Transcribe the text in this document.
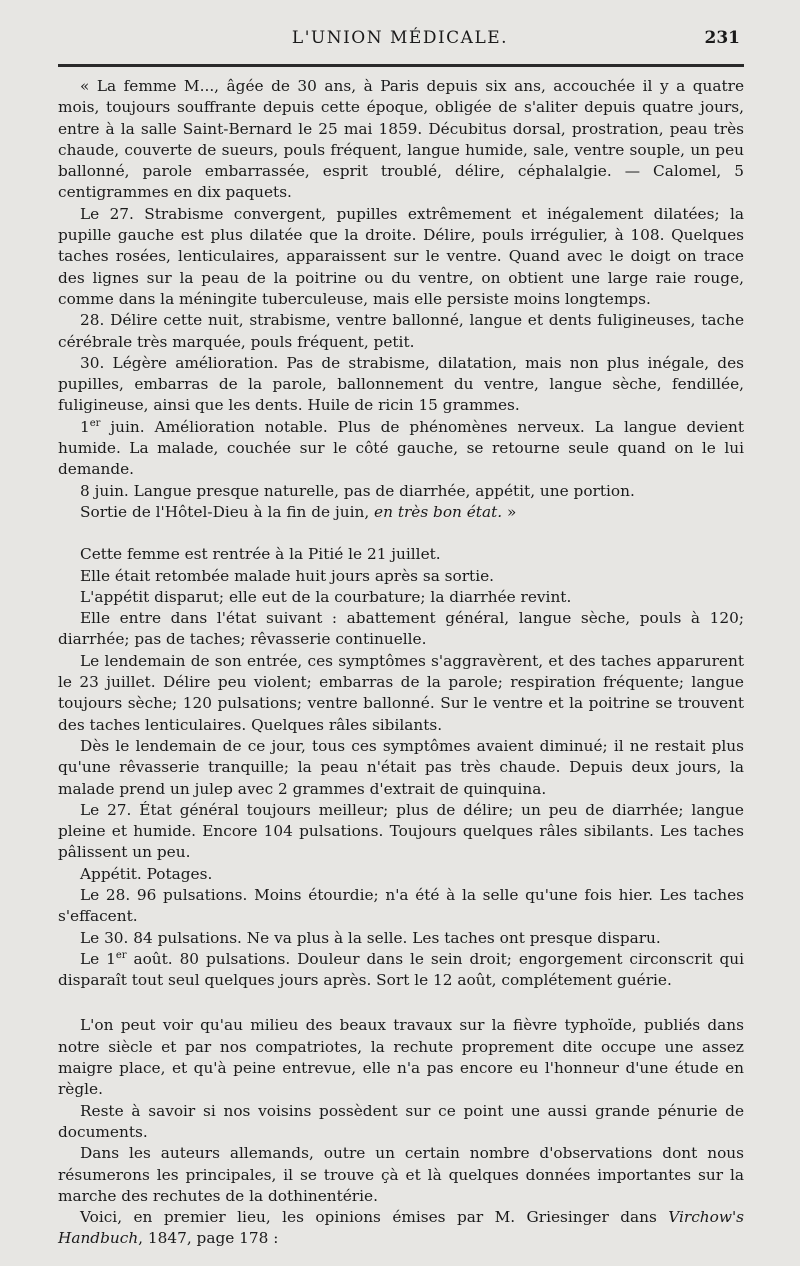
L'UNION MÉDICALE.	231

« La femme M..., âgée de 30 ans, à Paris depuis six ans, accouchée il y a quatre mois, toujours souffrante depuis cette époque, obligée de s'aliter depuis quatre jours, entre à la salle Saint-Bernard le 25 mai 1859. Décubitus dorsal, prostration, peau très chaude, couverte de sueurs, pouls fréquent, langue humide, sale, ventre souple, un peu ballonné, parole embarrassée, esprit troublé, délire, céphalalgie. — Calomel, 5 centigrammes en dix paquets.

Le 27. Strabisme convergent, pupilles extrêmement et inégalement dilatées; la pupille gauche est plus dilatée que la droite. Délire, pouls irrégulier, à 108. Quelques taches rosées, lenticulaires, apparaissent sur le ventre. Quand avec le doigt on trace des lignes sur la peau de la poitrine ou du ventre, on obtient une large raie rouge, comme dans la méningite tuberculeuse, mais elle persiste moins longtemps.

28. Délire cette nuit, strabisme, ventre ballonné, langue et dents fuligineuses, tache cérébrale très marquée, pouls fréquent, petit.

30. Légère amélioration. Pas de strabisme, dilatation, mais non plus inégale, des pupilles, embarras de la parole, ballonnement du ventre, langue sèche, fendillée, fuligineuse, ainsi que les dents. Huile de ricin 15 grammes.

1er juin. Amélioration notable. Plus de phénomènes nerveux. La langue devient humide. La malade, couchée sur le côté gauche, se retourne seule quand on le lui demande.

8 juin. Langue presque naturelle, pas de diarrhée, appétit, une portion.

Sortie de l'Hôtel-Dieu à la fin de juin, en très bon état. »

Cette femme est rentrée à la Pitié le 21 juillet.

Elle était retombée malade huit jours après sa sortie.

L'appétit disparut; elle eut de la courbature; la diarrhée revint.

Elle entre dans l'état suivant : abattement général, langue sèche, pouls à 120; diarrhée; pas de taches; rêvasserie continuelle.

Le lendemain de son entrée, ces symptômes s'aggravèrent, et des taches apparurent le 23 juillet. Délire peu violent; embarras de la parole; respiration fréquente; langue toujours sèche; 120 pulsations; ventre ballonné. Sur le ventre et la poitrine se trouvent des taches lenticulaires. Quelques râles sibilants.

Dès le lendemain de ce jour, tous ces symptômes avaient diminué; il ne restait plus qu'une rêvasserie tranquille; la peau n'était pas très chaude. Depuis deux jours, la malade prend un julep avec 2 grammes d'extrait de quinquina.

Le 27. État général toujours meilleur; plus de délire; un peu de diarrhée; langue pleine et humide. Encore 104 pulsations. Toujours quelques râles sibilants. Les taches pâlissent un peu.

Appétit. Potages.

Le 28. 96 pulsations. Moins étourdie; n'a été à la selle qu'une fois hier. Les taches s'effacent.

Le 30. 84 pulsations. Ne va plus à la selle. Les taches ont presque disparu.

Le 1er août. 80 pulsations. Douleur dans le sein droit; engorgement circonscrit qui disparaît tout seul quelques jours après. Sort le 12 août, complétement guérie.

L'on peut voir qu'au milieu des beaux travaux sur la fièvre typhoïde, publiés dans notre siècle et par nos compatriotes, la rechute proprement dite occupe une assez maigre place, et qu'à peine entrevue, elle n'a pas encore eu l'honneur d'une étude en règle.

Reste à savoir si nos voisins possèdent sur ce point une aussi grande pénurie de documents.

Dans les auteurs allemands, outre un certain nombre d'observations dont nous résumerons les principales, il se trouve çà et là quelques données importantes sur la marche des rechutes de la dothinentérie.

Voici, en premier lieu, les opinions émises par M. Griesinger dans Virchow's Handbuch, 1847, page 178 :
